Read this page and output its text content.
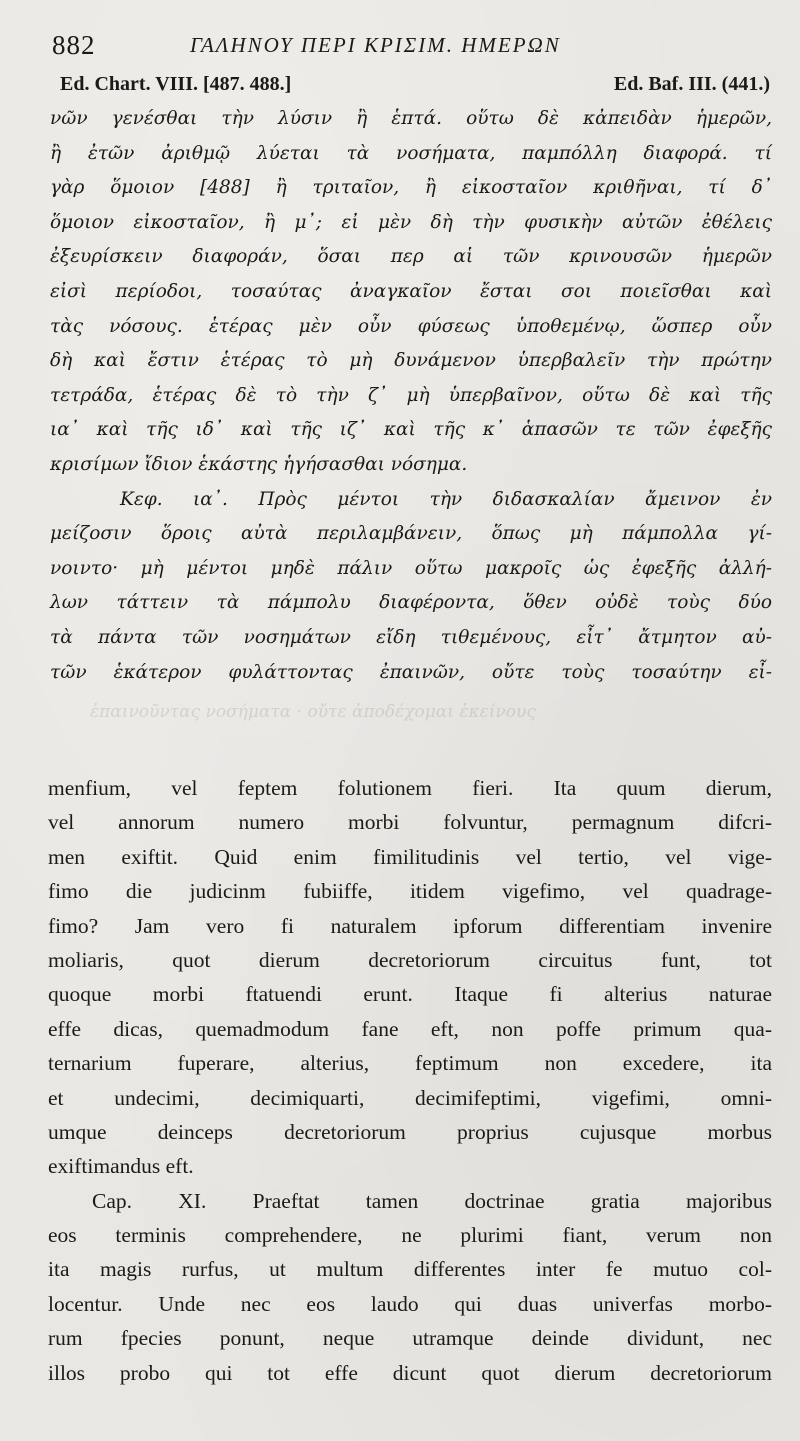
882	ΓΑΛΗΝΟΥ ΠΕΡΙ ΚΡΙΣΙΜ. ΗΜΕΡΩΝ
Ed. Chart. VIII. [487. 488.]	Ed. Baf. III. (441.)
νῶν γενέσθαι τὴν λύσιν ἢ ἑπτά. οὕτω δὲ κἀπειδὰν ἡμερῶν,
ἢ ἐτῶν ἀριθμῷ λύεται τὰ νοσήματα, παμπόλλη διαφορά. τί
γὰρ ὅμοιον [488] ἢ τριταῖον, ἢ εἰκοσταῖον κριθῆναι, τί δ᾽
ὅμοιον εἰκοσταῖον, ἢ μ᾽; εἰ μὲν δὴ τὴν φυσικὴν αὐτῶν ἐθέλεις
ἐξευρίσκειν διαφοράν, ὅσαι περ αἱ τῶν κρινουσῶν ἡμερῶν
εἰσὶ περίοδοι, τοσαύτας ἀναγκαῖον ἔσται σοι ποιεῖσθαι καὶ
τὰς νόσους. ἑτέρας μὲν οὖν φύσεως ὑποθεμένῳ, ὥσπερ οὖν
δὴ καὶ ἔστιν ἑτέρας τὸ μὴ δυνάμενον ὑπερβαλεῖν τὴν πρώτην
τετράδα, ἑτέρας δὲ τὸ τὴν ζ᾽ μὴ ὑπερβαῖνον, οὕτω δὲ καὶ τῆς
ια᾽ καὶ τῆς ιδ᾽ καὶ τῆς ιζ᾽ καὶ τῆς κ᾽ ἁπασῶν τε τῶν ἐφεξῆς
κρισίμων ἴδιον ἑκάστης ἡγήσασθαι νόσημα.
Κεφ. ια᾽. Πρὸς μέντοι τὴν διδασκαλίαν ἄμεινον ἐν
μείζοσιν ὅροις αὐτὰ περιλαμβάνειν, ὅπως μὴ πάμπολλα γί-
νοιντο· μὴ μέντοι μηδὲ πάλιν οὕτω μακροῖς ὡς ἐφεξῆς ἀλλή-
λων τάττειν τὰ πάμπολυ διαφέροντα, ὅθεν οὐδὲ τοὺς δύο
τὰ πάντα τῶν νοσημάτων εἴδη τιθεμένους, εἶτ᾽ ἄτμητον αὐ-
τῶν ἑκάτερον φυλάττοντας ἐπαινῶν, οὔτε τοὺς τοσαύτην εἶ-
ἐπαινοῦντας νοσήματα · οὔτε ἀποδέχομαι ἐκείνους
menfium, vel feptem folutionem fieri. Ita quum dierum,
vel annorum numero morbi folvuntur, permagnum difcri-
men exiftit. Quid enim fimilitudinis vel tertio, vel vige-
fimo die judicinm fubiiffe, itidem vigefimo, vel quadrage-
fimo? Jam vero fi naturalem ipforum differentiam invenire
moliaris, quot dierum decretoriorum circuitus funt, tot
quoque morbi ftatuendi erunt. Itaque fi alterius naturae
effe dicas, quemadmodum fane eft, non poffe primum qua-
ternarium fuperare, alterius, feptimum non excedere, ita
et undecimi, decimiquarti, decimifeptimi, vigefimi, omni-
umque deinceps decretoriorum proprius cujusque morbus
exiftimandus eft.
Cap. XI. Praeftat tamen doctrinae gratia majoribus
eos terminis comprehendere, ne plurimi fiant, verum non
ita magis rurfus, ut multum differentes inter fe mutuo col-
locentur. Unde nec eos laudo qui duas univerfas morbo-
rum fpecies ponunt, neque utramque deinde dividunt, nec
illos probo qui tot effe dicunt quot dierum decretoriorum
